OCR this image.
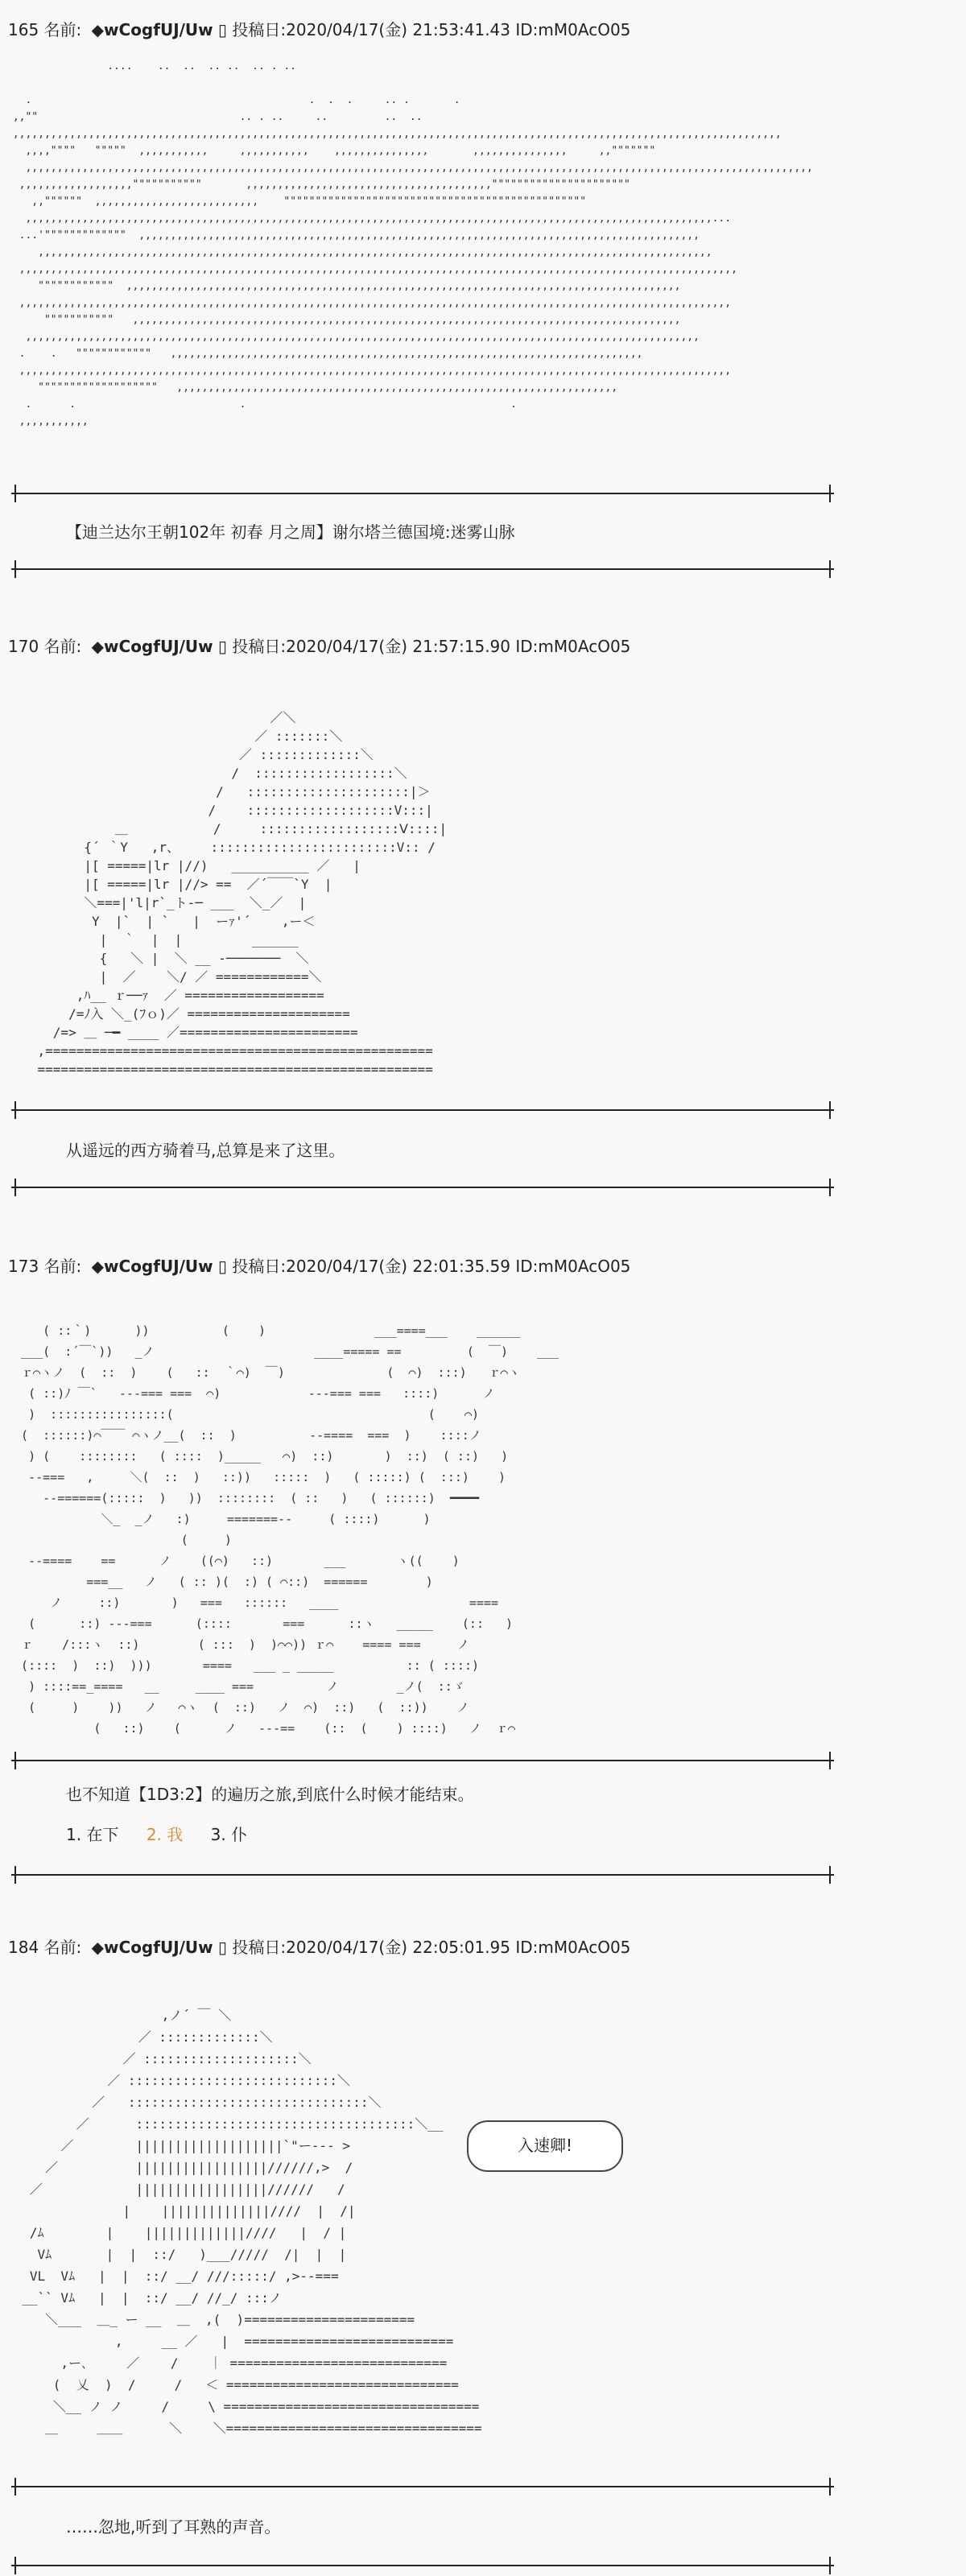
165 名前: ◆wCogfUJ/Uw ▯ 投稿日:2020/04/17(金) 21:53:41.43 ID:mM0AcO05
....    ..  ..  .. ..  .. . ..

.                                            .  .  .     .. .       .
,,""                                .. . ..     ..         ..  ..
,,,,,,,,,,,,,,,,,,,,,,,,,,,,,,,,,,,,,,,,,,,,,,,,,,,,,,,,,,,,,,,,,,,,,,,,,,,,,,,,,,,,,,,,,,,,,,,,,,,,,,,,,,,,,,,,,,,,,,,,,,
,,,,""""   """""  ,,,,,,,,,,,     ,,,,,,,,,,,    ,,,,,,,,,,,,,,,       ,,,,,,,,,,,,,,,     ,,"""""""
,,,,,,,,,,,,,,,,,,,,,,,,,,,,,,,,,,,,,,,,,,,,,,,,,,,,,,,,,,,,,,,,,,,,,,,,,,,,,,,,,,,,,,,,,,,,,,,,,,,,,,,,,,,,,,,,,,,,,,,,,,,,,
,,,,,,,,,,,,,,,,,,"""""""""""       ,,,,,,,,,,,,,,,,,,,,,,,,,,,,,,,,,,,,,,,""""""""""""""""""""""
,,""""""  ,,,,,,,,,,,,,,,,,,,,,,,,,,    """"""""""""""""""""""""""""""""""""""""""""""""
,,,,,,,,,,,,,,,,,,,,,,,,,,,,,,,,,,,,,,,,,,,,,,,,,,,,,,,,,,,,,,,,,,,,,,,,,,,,,,,,,,,,,,,,,,,,,,,,,,,,,,,,,,,,,...
...'"""""""""""""  ,,,,,,,,,,,,,,,,,,,,,,,,,,,,,,,,,,,,,,,,,,,,,,,,,,,,,,,,,,,,,,,,,,,,,,,,,,,,,,,,,,,,,,,,,
,,,,,,,,,,,,,,,,,,,,,,,,,,,,,,,,,,,,,,,,,,,,,,,,,,,,,,,,,,,,,,,,,,,,,,,,,,,,,,,,,,,,,,,,,,,,,,,,,,,,,,,,,,,
,,,,,,,,,,,,,,,,,,,,,,,,,,,,,,,,,,,,,,,,,,,,,,,,,,,,,,,,,,,,,,,,,,,,,,,,,,,,,,,,,,,,,,,,,,,,,,,,,,,,,,,,,,,,,,,,,,
""""""""""""  ,,,,,,,,,,,,,,,,,,,,,,,,,,,,,,,,,,,,,,,,,,,,,,,,,,,,,,,,,,,,,,,,,,,,,,,,,,,,,,,,,,,,,,,,
,,,,,,,,,,,,,,,,,,,,,,,,,,,,,,,,,,,,,,,,,,,,,,,,,,,,,,,,,,,,,,,,,,,,,,,,,,,,,,,,,,,,,,,,,,,,,,,,,,,,,,,,,,,,,,,,,
"""""""""""   ,,,,,,,,,,,,,,,,,,,,,,,,,,,,,,,,,,,,,,,,,,,,,,,,,,,,,,,,,,,,,,,,,,,,,,,,,,,,,,,,,,,,,,,
,,,,,,,,,,,,,,,,,,,,,,,,,,,,,,,,,,,,,,,,,,,,,,,,,,,,,,,,,,,,,,,,,,,,,,,,,,,,,,,,,,,,,,,,,,,,,,,,,,,,,,,,,,,
.    .   """"""""""""   ,,,,,,,,,,,,,,,,,,,,,,,,,,,,,,,,,,,,,,,,,,,,,,,,,,,,,,,,,,,,,,,,,,,,,,,,,,,
,,,,,,,,,,,,,,,,,,,,,,,,,,,,,,,,,,,,,,,,,,,,,,,,,,,,,,,,,,,,,,,,,,,,,,,,,,,,,,,,,,,,,,,,,,,,,,,,,,,,,,,,,,,,,,,,,
"""""""""""""""""""   ,,,,,,,,,,,,,,,,,,,,,,,,,,,,,,,,,,,,,,,,,,,,,,,,,,,,,,,,,,,,,,,,,,,,,,
.      .                          .                                          .
,,,,,,,,,,,

【迪兰达尔王朝102年 初春 月之周】谢尔塔兰德国境:迷雾山脉
170 名前: ◆wCogfUJ/Uw ▯ 投稿日:2020/04/17(金) 21:57:15.90 ID:mM0AcO05
／＼
／ :::::::＼
／ :::::::::::::＼
/  ::::::::::::::::::＼
/   :::::::::::::::::::::|＞
/    :::::::::::::::::::V:::|
＿           /     ::::::::::::::::::Ⅴ::::|
{´ ｀Y   ,r、    ::::::::::::::::::::::::V:: /
|[ =====|lr |//)   __________ ／   |
|[ =====|lr |//> ==  ／´￣￣`Y  |
＼===|'l|r`_ト-─ ___  ＼_／  |
Y  |`  | `   |  ーｧ'´    ,ー＜
|  ｀  |  |         ______
{   ＼ |  ＼ __ -───────  ＼
|  ／    ＼/ ／ ============＼
,ﾊ__ ｒ──ｧ  ／ ==================
/=ﾉ入 ＼_(ﾌｏ)／ =====================
/=> ＿ ─━ ____ ／=======================
,==================================================
===================================================

从遥远的西方骑着马,总算是来了这里。
173 名前: ◆wCogfUJ/Uw ▯ 投稿日:2020/04/17(金) 22:01:35.59 ID:mM0AcO05
( ::｀)      ))          (    )               ___====___    ______
___(  :´￣`))   _ノ                      ____===== ==         (  ￣)    ___
ｒ⌒ヽノ  (  ::  )    (   ::  ｀⌒)  ￣)              (  ⌒)  :::)   ｒ⌒ヽ
( ::)ﾉ ￣`   ---=== ===  ⌒)            ---=== ===   ::::)      ノ
)  ::::::::::::::::(                                   (    ⌒)
(  ::::::)⌒￣￣ ⌒ヽノ__(  ::  )          --====  ===  )    ::::ノ
) (    ::::::::   ( ::::  )_____   ⌒)  ::)       )  ::)  ( ::)   )
--===   ,     ＼(  ::  )   ::))   :::::  )   ( :::::) (  :::)    )
--======(:::::  )   ))  ::::::::  ( ::   )   ( ::::::)  ━━━━
＼_  _ノ   :)     =======--     ( ::::)      )
(     )
--====    ==      ノ    ((⌒)   ::)       ___       ヽ((    )
===__   ノ   ( :: )(  :) ( ⌒::)  ======        )
ノ     ::)       )   ===   ::::::   ____                  ====
(      ::) ---===      (::::       ===      ::ヽ   _____    (::   )
ｒ    /:::ヽ  ::)        ( :::  )  )⌒⌒)) ｒ⌒    ==== ===     ノ
(::::  )  ::)  )))       ====   ___ _ _____          :: ( ::::)
) ::::==_====   __     ____ ===          ノ        _ノ(  ::ゞ
(     )    ))   ノ   ⌒ヽ  (  ::)   ノ  ⌒)  ::)   (  ::))    ノ
(   ::)    (      ノ   ---==    (::  (    ) ::::)   ノ  ｒ⌒

也不知道【1D3:2】的遍历之旅,到底什么时候才能结束。
1. 在下 2. 我 3. 仆
184 名前: ◆wCogfUJ/Uw ▯ 投稿日:2020/04/17(金) 22:05:01.95 ID:mM0AcO05
,ノ´ ￣ ＼
／ :::::::::::::＼
／ ::::::::::::::::::::＼
／ :::::::::::::::::::::::::::＼
／   :::::::::::::::::::::::::::::::＼
／      ::::::::::::::::::::::::::::::::::::＼__
／        |||||||||||||||||||`"ー--- >
／          |||||||||||||||||//////,>  /
／            |||||||||||||||||//////   /
|    ||||||||||||||////  |  /|
/ﾑ        |    |||||||||||||////   |  / |
Vﾑ       |  |  ::/   )___/////  /|  |  |
VL  Vﾑ   |  |  ::/ __/ ///:::::/ ,>--===
__`` Vﾑ   |  |  ::/ __/ //_/ :::ノ
＼___  ＿_ ー __  ＿  ,(  )======================
,     __ ／   |  ===========================
,ー､     ／    /    ｜ ============================
(  乂  )  /     /   ＜ ==============================
＼__ ノ ノ     /     \ =================================
＿     ＿＿      ＼    ＼=================================

入速卿!
……忽地,听到了耳熟的声音。
